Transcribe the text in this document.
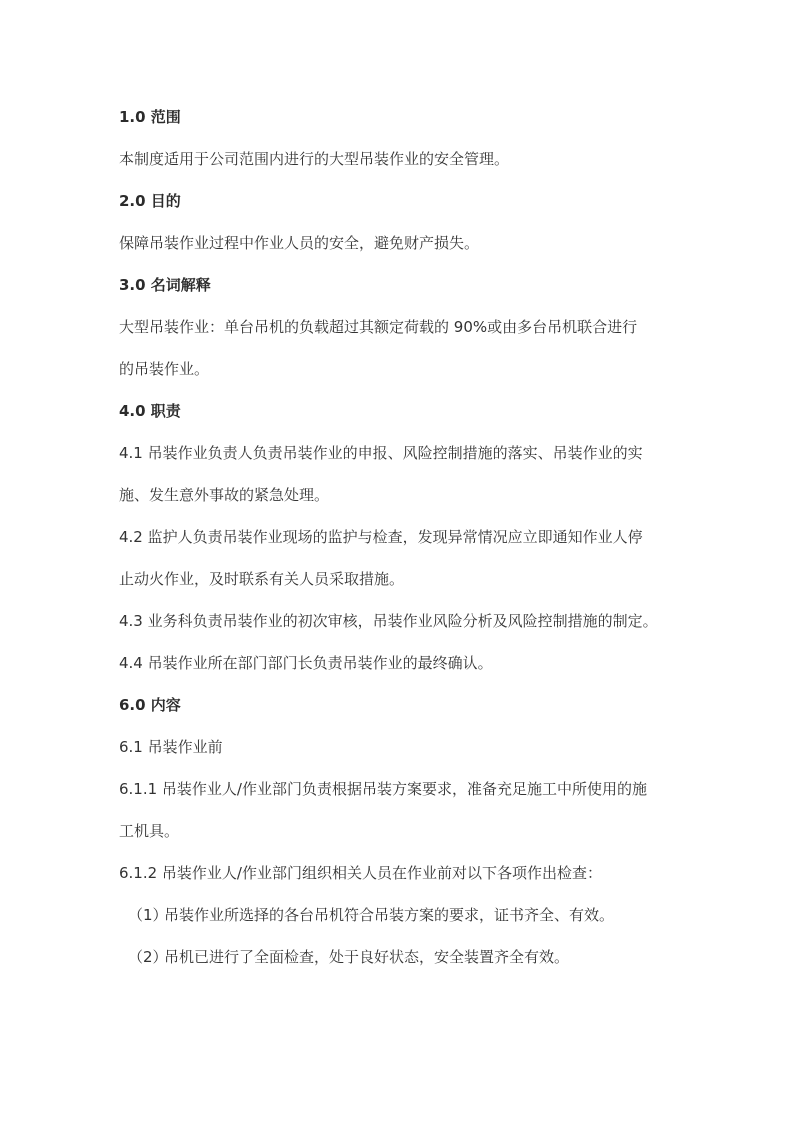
1.0 范围
本制度适用于公司范围内进行的大型吊装作业的安全管理。
2.0 目的
保障吊装作业过程中作业人员的安全，避免财产损失。
3.0 名词解释
大型吊装作业：单台吊机的负载超过其额定荷载的 90%或由多台吊机联合进行
的吊装作业。
4.0 职责
4.1 吊装作业负责人负责吊装作业的申报、风险控制措施的落实、吊装作业的实
施、发生意外事故的紧急处理。
4.2 监护人负责吊装作业现场的监护与检查，发现异常情况应立即通知作业人停
止动火作业，及时联系有关人员采取措施。
4.3 业务科负责吊装作业的初次审核，吊装作业风险分析及风险控制措施的制定。
4.4 吊装作业所在部门部门长负责吊装作业的最终确认。
6.0 内容
6.1 吊装作业前
6.1.1 吊装作业人/作业部门负责根据吊装方案要求，准备充足施工中所使用的施
工机具。
6.1.2 吊装作业人/作业部门组织相关人员在作业前对以下各项作出检查：
（1）吊装作业所选择的各台吊机符合吊装方案的要求，证书齐全、有效。
（2）吊机已进行了全面检查，处于良好状态，安全装置齐全有效。
